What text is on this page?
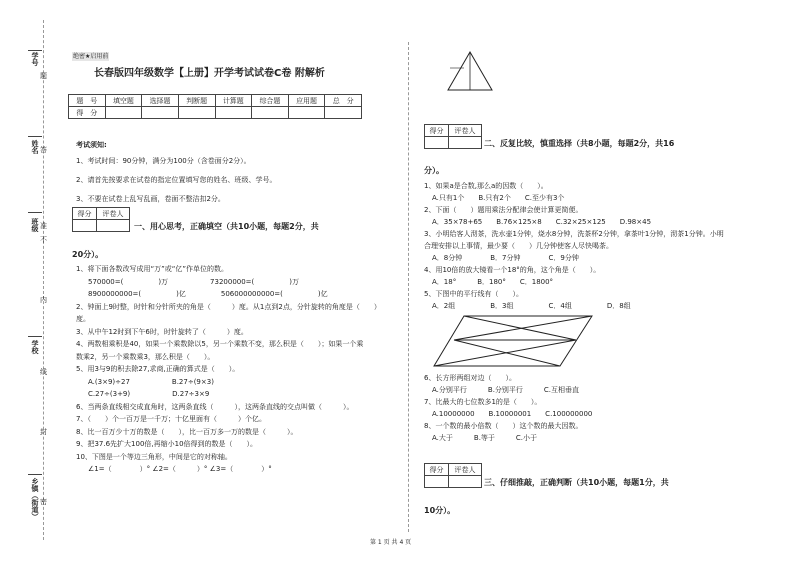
学号
姓名
班级
学校
乡镇（街道）
题
答
准
不
内
线
封
密
绝密★启用前
长春版四年级数学【上册】开学考试试卷C卷 附解析
题　号	填空题	选择题	判断题	计算题	综合题	应用题	总　分
得　分							
考试须知:
1、考试时间：90分钟，满分为100分（含卷面分2分）。
2、请首先按要求在试卷的指定位置填写您的姓名、班级、学号。
3、不要在试卷上乱写乱画，卷面不整洁扣2分。
得分	评卷人

一、用心思考，正确填空（共10小题，每题2分，共
20分）。
1、将下面各数改写成用“万”或“亿”作单位的数。
570000=(　　　　　)万　　　　　　73200000=(　　　　　)万
8900000000=(　　　　　)亿　　　　　506000000000=(　　　　　)亿
2、钟面上9时整，时针和分针所夹的角是（　　　）度。从1点到2点，分针旋转的角度是（　　）
度。
3、从中午12时到下午6时，时针旋转了（　　　）度。
4、两数相乘积是40，如果一个乘数除以5，另一个乘数不变，那么积是（　　）；如果一个乘
数乘2，另一个乘数乘3，那么积是（　　）。
5、用3与9的积去除27,求商,正确的算式是（　　）。
A.(3×9)÷27　　　　　　B.27÷(9×3)
C.27÷(3+9)　　　　　　D.27÷3×9
6、当两条直线相交成直角时，这两条直线（　　　），这两条直线的交点叫做（　　　）。
7、（　　）个一百万是一千万；十亿里面有（　　　）个亿。
8、比一百万少十万的数是（　　），比一百万多一万的数是（　　　）。
9、把37.6先扩大100倍,再缩小10倍得到的数是（　　）。
10、下图是一个等边三角形，中间是它的对称轴。
∠1=（　　　　）° ∠2=（　　　）° ∠3=（　　　　）°
得分	评卷人

二、反复比较，慎重选择（共8小题，每题2分，共16
分）。
1、如果a是合数,那么a的因数（　　）。
A.只有1个　　B.只有2个　　C.至少有3个
2、下面（　　）题用乘法分配律会使计算更简便。
A．35×78+65　　B.76×125×8　　C.32×25×125　　D.98×45
3、小明给客人沏茶，洗水壶1分钟，烧水8分钟，洗茶杯2分钟，拿茶叶1分钟，沏茶1分钟。小明
合理安排以上事情，最少要（　　）几分钟使客人尽快喝茶。
A．8分钟　　　　B．7分钟　　　　C．9分钟
4、用10倍的放大镜看一个18°的角，这个角是（　　）。
A．18°　　　B．180°　　C．1800°
5、下图中的平行线有（　　）。
A．2组　　　　　B．3组　　　　　C．4组　　　　　D．8组
6、长方形两组对边（　　）。
A.分别平行　　　B.分别平行　　　C.互相垂直
7、比最大的七位数多1的是（　　）。
A.10000000　　B.10000001　　C.100000000
8、一个数的最小倍数（　　）这个数的最大因数。
A.大于　　　B.等于　　　C.小于
得分	评卷人

三、仔细推敲，正确判断（共10小题，每题1分，共
10分）。
第 1 页 共 4 页
